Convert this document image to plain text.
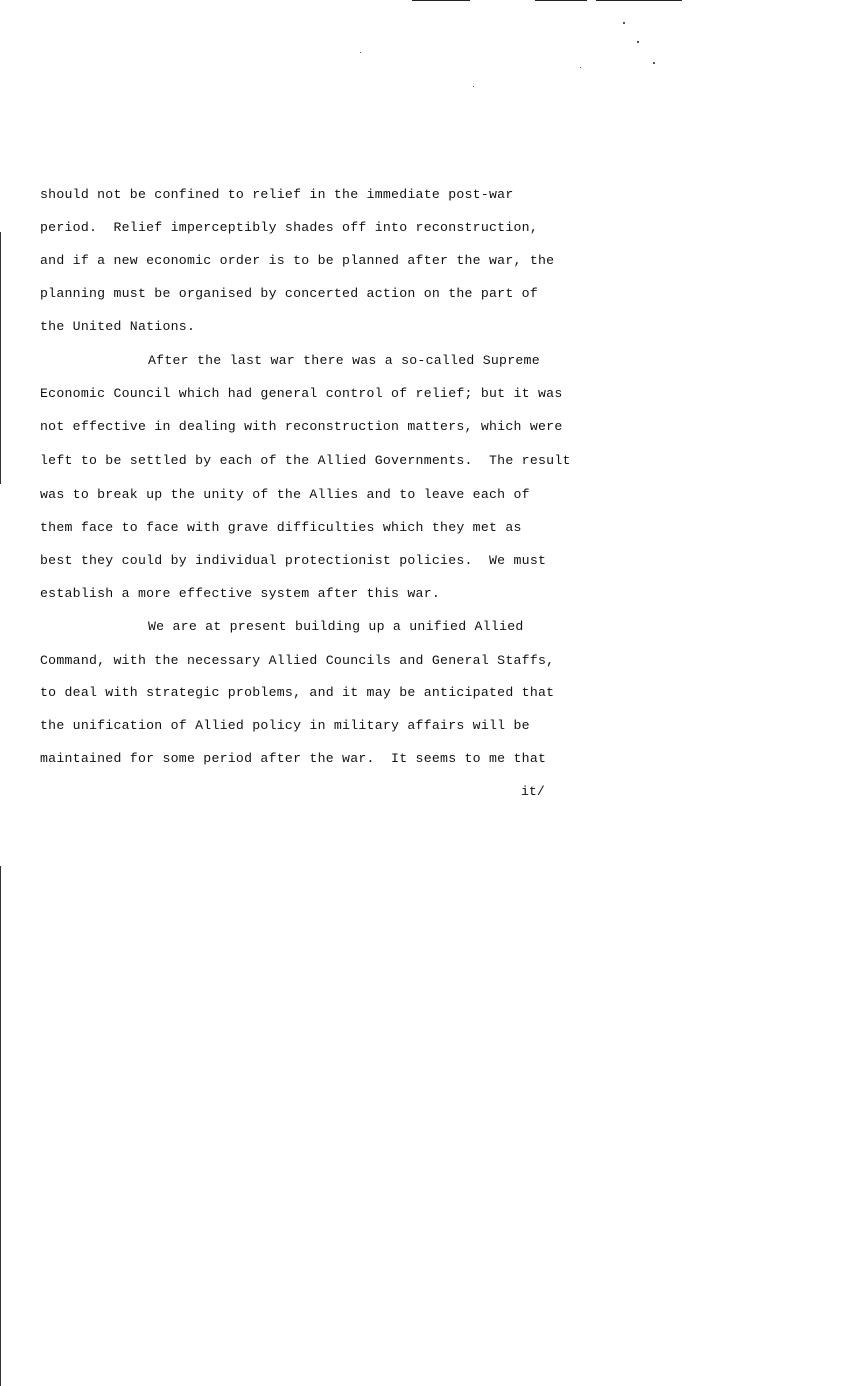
should not be confined to relief in the immediate post-war
period.  Relief imperceptibly shades off into reconstruction,
and if a new economic order is to be planned after the war, the
planning must be organised by concerted action on the part of
the United Nations.
After the last war there was a so-called Supreme
Economic Council which had general control of relief; but it was
not effective in dealing with reconstruction matters, which were
left to be settled by each of the Allied Governments.  The result
was to break up the unity of the Allies and to leave each of
them face to face with grave difficulties which they met as
best they could by individual protectionist policies.  We must
establish a more effective system after this war.
We are at present building up a unified Allied
Command, with the necessary Allied Councils and General Staffs,
to deal with strategic problems, and it may be anticipated that
the unification of Allied policy in military affairs will be
maintained for some period after the war.  It seems to me that
it/
